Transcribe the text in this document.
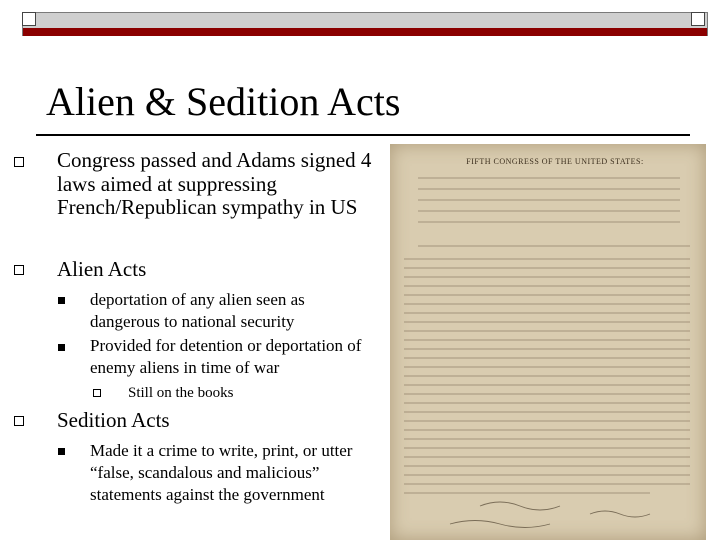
Alien & Sedition Acts
Congress passed and Adams signed 4 laws aimed at suppressing French/Republican sympathy in US
Alien Acts
deportation of any alien seen as dangerous to national security
Provided for detention or deportation of enemy aliens in time of war
Still on the books
Sedition Acts
Made it a crime to write, print, or utter “false, scandalous and malicious” statements against the government
FIFTH CONGRESS OF THE UNITED STATES:
